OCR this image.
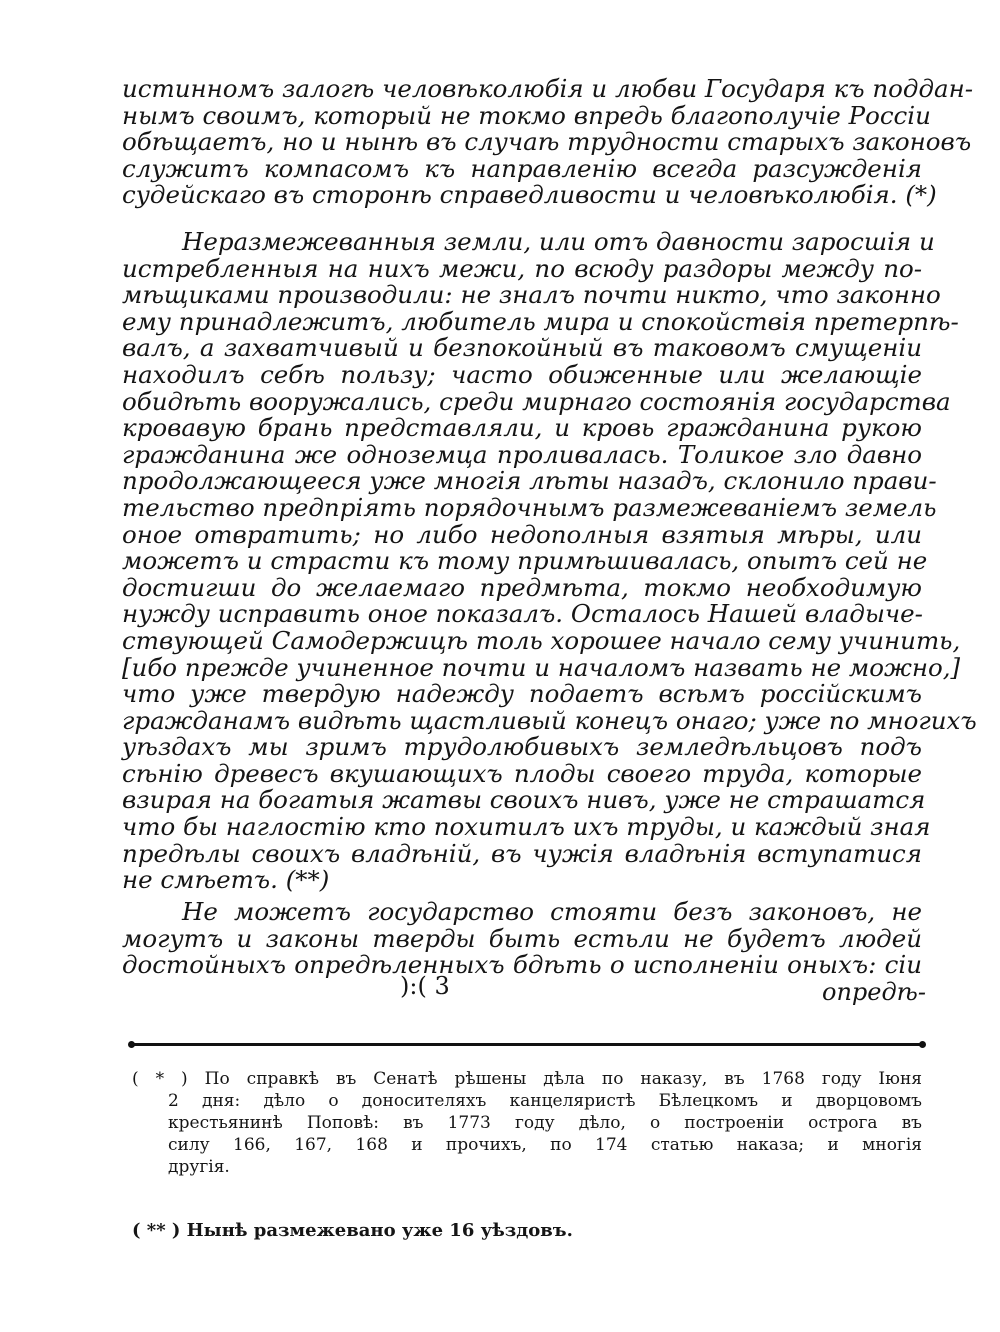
истинномъ залогѣ человѣколюбія и любви Государя къ поддан-
нымъ своимъ, который не токмо впредь благополучіе Россіи
обѣщаетъ, но и нынѣ въ случаѣ трудности старыхъ законовъ
служитъ компасомъ къ направленію всегда разсужденія
судейскаго въ сторонѣ справедливости и человѣколюбія. (*)
Неразмежеванныя земли, или отъ давности заросшія и
истребленныя на нихъ межи, по всюду раздоры между по-
мѣщиками производили: не зналъ почти никто, что законно
ему принадлежитъ, любитель мира и спокойствія претерпѣ-
валъ, а захватчивый и безпокойный въ таковомъ смущеніи
находилъ себѣ пользу; часто обиженные или желающіе
обидѣть вооружались, среди мирнаго состоянія государства
кровавую брань представляли, и кровь гражданина рукою
гражданина же одноземца проливалась. Толикое зло давно
продолжающееся уже многія лѣты назадъ, склонило прави-
тельство предпріять порядочнымъ размежеваніемъ земель
оное отвратить; но либо недополныя взятыя мѣры, или
можетъ и страсти къ тому примѣшивалась, опытъ сей не
достигши до желаемаго предмѣта, токмо необходимую
нужду исправить оное показалъ. Осталось Нашей владыче-
ствующей Самодержицѣ толь хорошее начало сему учинить,
[ибо прежде учиненное почти и началомъ назвать не можно,]
что уже твердую надежду подаетъ всѣмъ россійскимъ
гражданамъ видѣть щастливый конецъ онаго; уже по многихъ
уѣздахъ мы зримъ трудолюбивыхъ земледѣльцовъ подъ
сѣнію древесъ вкушающихъ плоды своего труда, которые
взирая на богатыя жатвы своихъ нивъ, уже не страшатся
что бы наглостію кто похитилъ ихъ труды, и каждый зная
предѣлы своихъ владѣній, въ чужія владѣнія вступатися
не смѣетъ. (**)
Не можетъ государство стояти безъ законовъ, не
могутъ и законы тверды быть естьли не будетъ людей
достойныхъ опредѣленныхъ бдѣть о исполненіи оныхъ: сіи
):( 3	опредѣ-
( * ) По справкѣ въ Сенатѣ рѣшены дѣла по наказу, въ 1768 году Іюня
2 дня: дѣло о доносителяхъ канцеляристѣ Бѣлецкомъ и дворцовомъ
крестьянинѣ Поповѣ: въ 1773 году дѣло, о построеніи острога въ
силу 166, 167, 168 и прочихъ, по 174 статью наказа; и многія
другія.
( ** ) Нынѣ размежевано уже 16 уѣздовъ.
